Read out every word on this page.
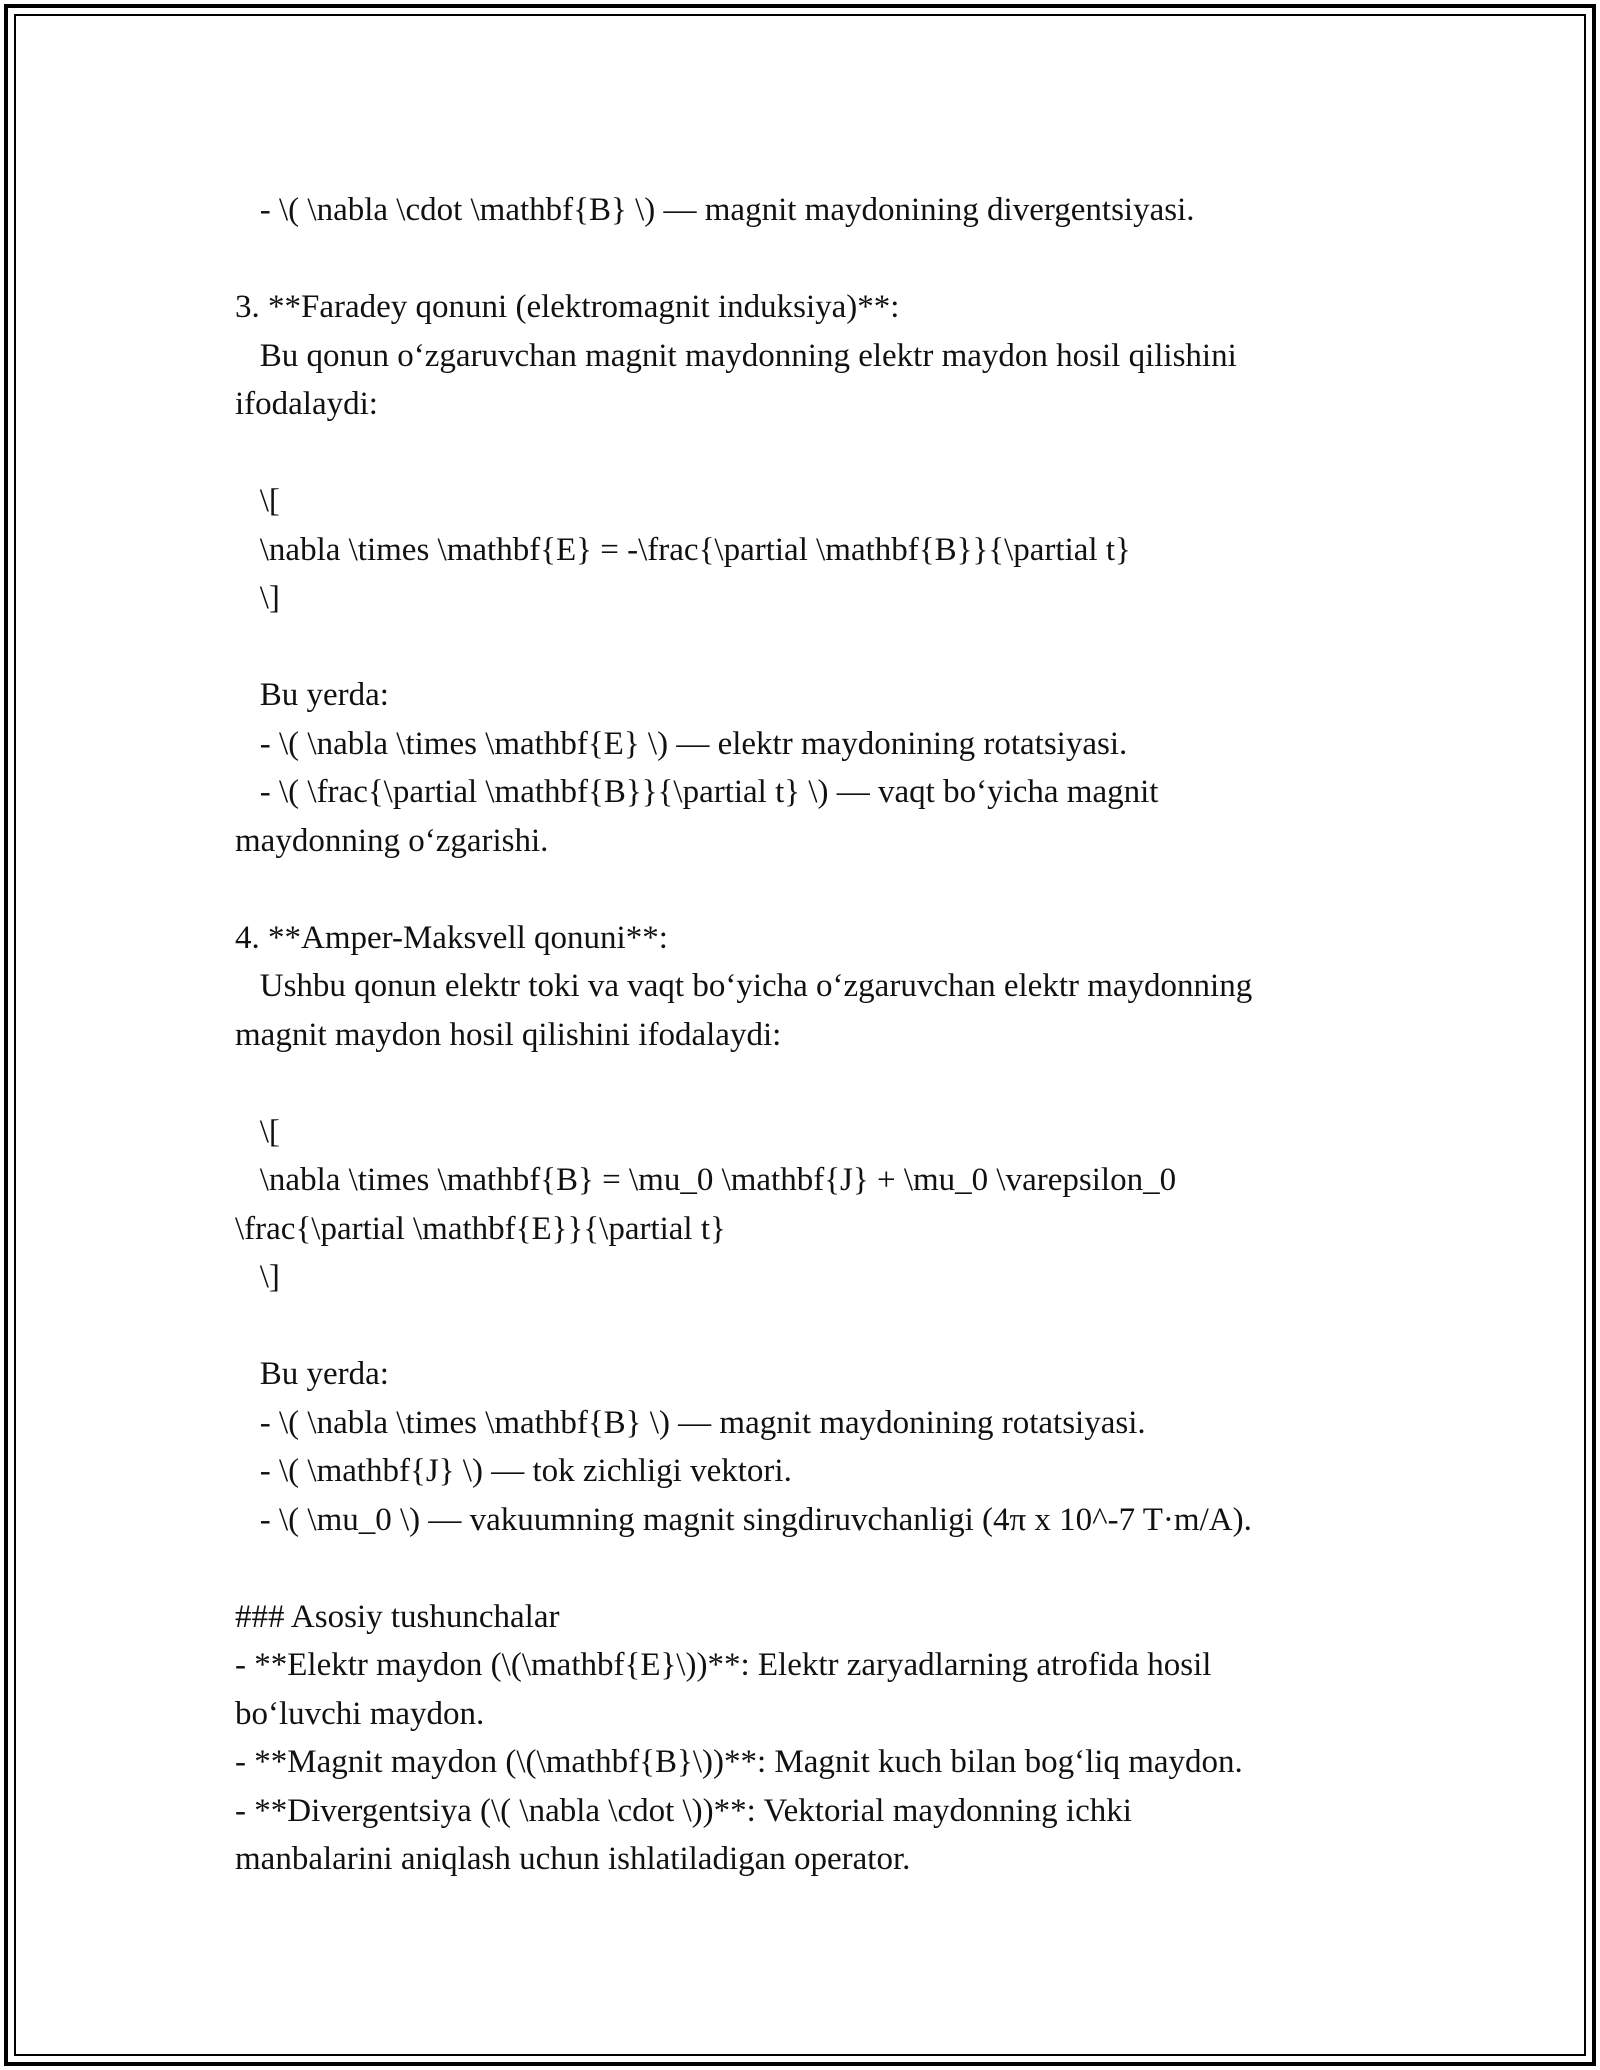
- \( \nabla \cdot \mathbf{B} \) — magnit maydonining divergentsiyasi.
3. **Faradey qonuni (elektromagnit induksiya)**:
Bu qonun o‘zgaruvchan magnit maydonning elektr maydon hosil qilishini
ifodalaydi:
\[
\nabla \times \mathbf{E} = -\frac{\partial \mathbf{B}}{\partial t}
\]
Bu yerda:
- \( \nabla \times \mathbf{E} \) — elektr maydonining rotatsiyasi.
- \( \frac{\partial \mathbf{B}}{\partial t} \) — vaqt bo‘yicha magnit
maydonning o‘zgarishi.
4. **Amper-Maksvell qonuni**:
Ushbu qonun elektr toki va vaqt bo‘yicha o‘zgaruvchan elektr maydonning
magnit maydon hosil qilishini ifodalaydi:
\[
\nabla \times \mathbf{B} = \mu_0 \mathbf{J} + \mu_0 \varepsilon_0
\frac{\partial \mathbf{E}}{\partial t}
\]
Bu yerda:
- \( \nabla \times \mathbf{B} \) — magnit maydonining rotatsiyasi.
- \( \mathbf{J} \) — tok zichligi vektori.
- \( \mu_0 \) — vakuumning magnit singdiruvchanligi (4π x 10^-7 T·m/A).
### Asosiy tushunchalar
- **Elektr maydon (\(\mathbf{E}\))**: Elektr zaryadlarning atrofida hosil
bo‘luvchi maydon.
- **Magnit maydon (\(\mathbf{B}\))**: Magnit kuch bilan bog‘liq maydon.
- **Divergentsiya (\( \nabla \cdot \))**: Vektorial maydonning ichki
manbalarini aniqlash uchun ishlatiladigan operator.
